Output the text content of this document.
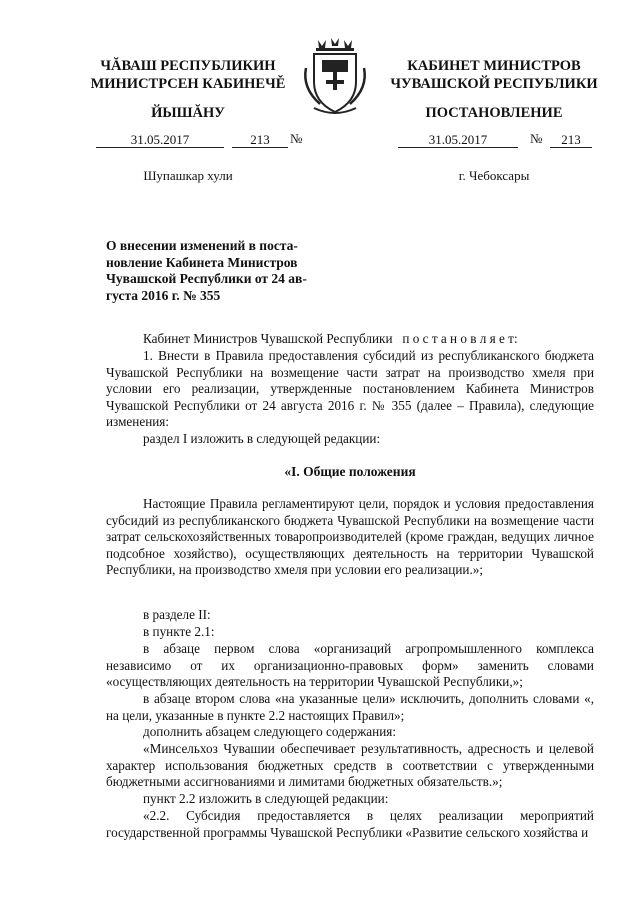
ЧĂВАШ РЕСПУБЛИКИН
МИНИСТРСЕН КАБИНЕЧĚ
ЙЫШĂНУ
31.05.2017	213	№
Шупашкар хули
КАБИНЕТ МИНИСТРОВ
ЧУВАШСКОЙ РЕСПУБЛИКИ
ПОСТАНОВЛЕНИЕ
31.05.2017	№	213
г. Чебоксары
О внесении изменений в поста-
новление Кабинета Министров
Чувашской Республики от 24 ав-
густа 2016 г. № 355
Кабинет Министров Чувашской Республики п о с т а н о в л я е т:
1. Внести в Правила предоставления субсидий из республиканского бюджета Чувашской Республики на возмещение части затрат на производство хмеля при условии его реализации, утвержденные постановлением Кабинета Министров Чувашской Республики от 24 августа 2016 г. № 355 (далее – Правила), следующие изменения:
раздел I изложить в следующей редакции:
«I. Общие положения
Настоящие Правила регламентируют цели, порядок и условия предоставления субсидий из республиканского бюджета Чувашской Республики на возмещение части затрат сельскохозяйственных товаропроизводителей (кроме граждан, ведущих личное подсобное хозяйство), осуществляющих деятельность на территории Чувашской Республики, на производство хмеля при условии его реализации.»;
в разделе II:
в пункте 2.1:
в абзаце первом слова «организаций агропромышленного комплекса независимо от их организационно-правовых форм» заменить словами «осуществляющих деятельность на территории Чувашской Республики,»;
в абзаце втором слова «на указанные цели» исключить, дополнить словами «, на цели, указанные в пункте 2.2 настоящих Правил»;
дополнить абзацем следующего содержания:
«Минсельхоз Чувашии обеспечивает результативность, адресность и целевой характер использования бюджетных средств в соответствии с утвержденными бюджетными ассигнованиями и лимитами бюджетных обязательств.»;
пункт 2.2 изложить в следующей редакции:
«2.2. Субсидия предоставляется в целях реализации мероприятий государственной программы Чувашской Республики «Развитие сельского хозяйства и
